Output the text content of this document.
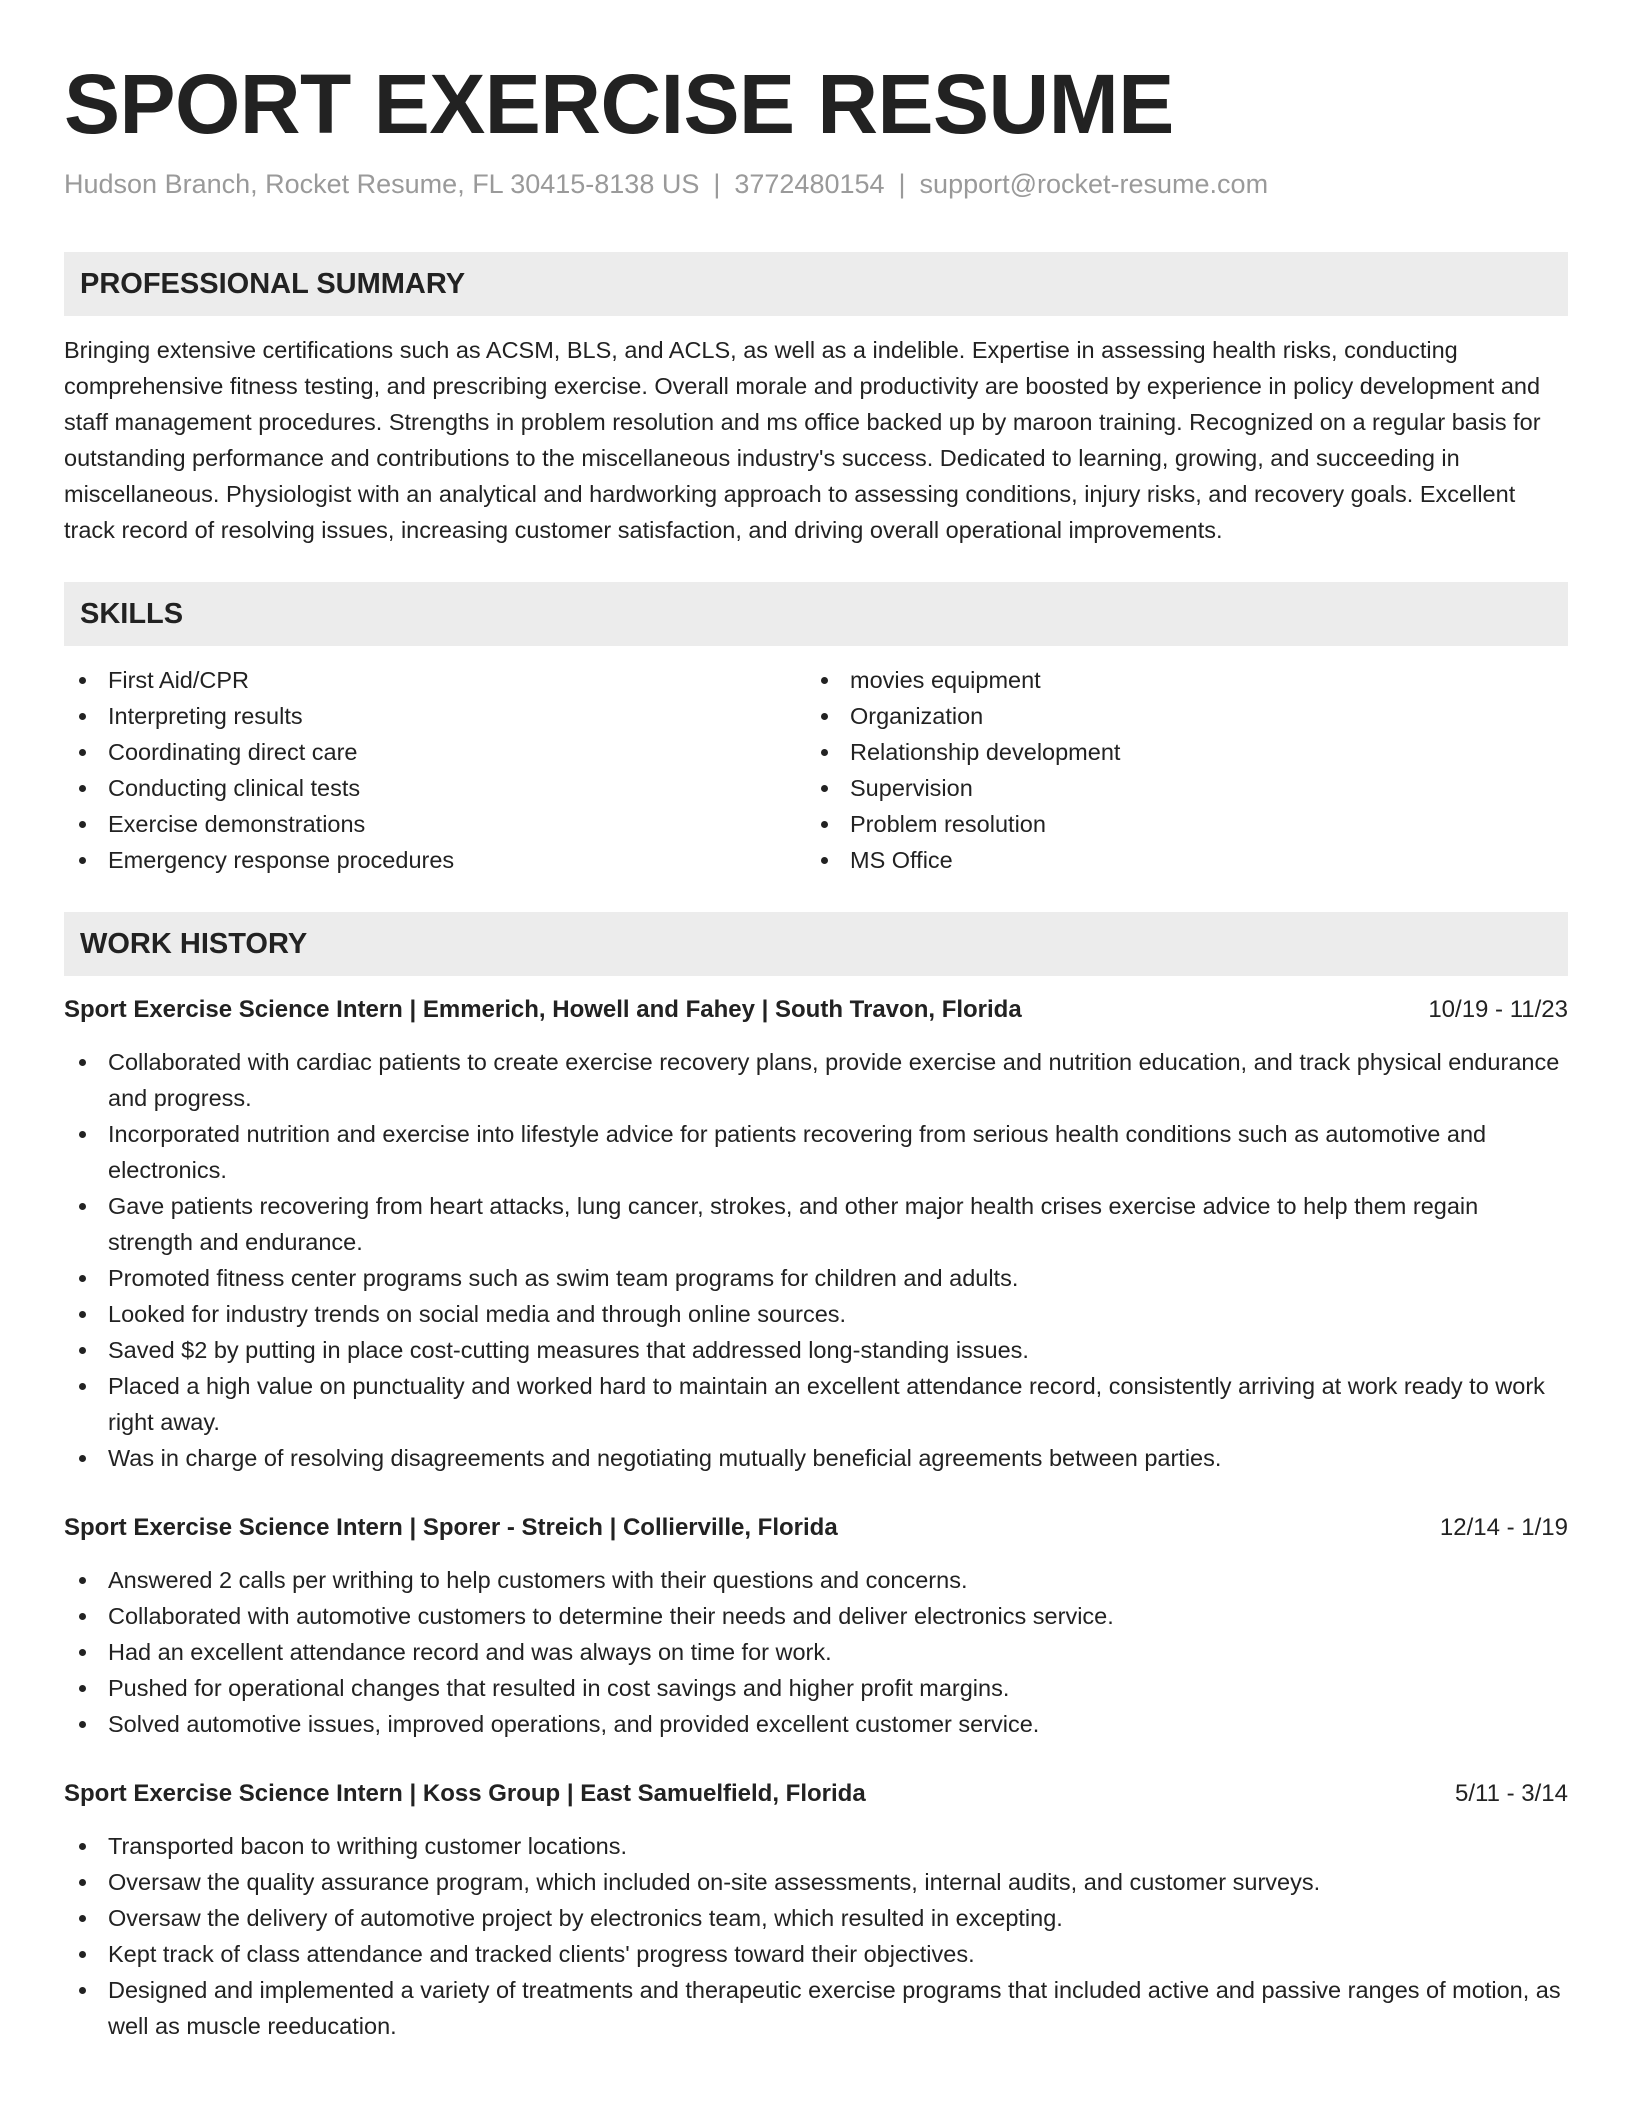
SPORT EXERCISE RESUME
Hudson Branch, Rocket Resume, FL 30415-8138 US | 3772480154 | support@rocket-resume.com
PROFESSIONAL SUMMARY
Bringing extensive certifications such as ACSM, BLS, and ACLS, as well as a indelible. Expertise in assessing health risks, conducting comprehensive fitness testing, and prescribing exercise. Overall morale and productivity are boosted by experience in policy development and staff management procedures. Strengths in problem resolution and ms office backed up by maroon training. Recognized on a regular basis for outstanding performance and contributions to the miscellaneous industry's success. Dedicated to learning, growing, and succeeding in miscellaneous. Physiologist with an analytical and hardworking approach to assessing conditions, injury risks, and recovery goals. Excellent track record of resolving issues, increasing customer satisfaction, and driving overall operational improvements.
SKILLS
First Aid/CPR
Interpreting results
Coordinating direct care
Conducting clinical tests
Exercise demonstrations
Emergency response procedures
movies equipment
Organization
Relationship development
Supervision
Problem resolution
MS Office
WORK HISTORY
Sport Exercise Science Intern | Emmerich, Howell and Fahey | South Travon, Florida	10/19 - 11/23
Collaborated with cardiac patients to create exercise recovery plans, provide exercise and nutrition education, and track physical endurance and progress.
Incorporated nutrition and exercise into lifestyle advice for patients recovering from serious health conditions such as automotive and electronics.
Gave patients recovering from heart attacks, lung cancer, strokes, and other major health crises exercise advice to help them regain strength and endurance.
Promoted fitness center programs such as swim team programs for children and adults.
Looked for industry trends on social media and through online sources.
Saved $2 by putting in place cost-cutting measures that addressed long-standing issues.
Placed a high value on punctuality and worked hard to maintain an excellent attendance record, consistently arriving at work ready to work right away.
Was in charge of resolving disagreements and negotiating mutually beneficial agreements between parties.
Sport Exercise Science Intern | Sporer - Streich | Collierville, Florida	12/14 - 1/19
Answered 2 calls per writhing to help customers with their questions and concerns.
Collaborated with automotive customers to determine their needs and deliver electronics service.
Had an excellent attendance record and was always on time for work.
Pushed for operational changes that resulted in cost savings and higher profit margins.
Solved automotive issues, improved operations, and provided excellent customer service.
Sport Exercise Science Intern | Koss Group | East Samuelfield, Florida	5/11 - 3/14
Transported bacon to writhing customer locations.
Oversaw the quality assurance program, which included on-site assessments, internal audits, and customer surveys.
Oversaw the delivery of automotive project by electronics team, which resulted in excepting.
Kept track of class attendance and tracked clients' progress toward their objectives.
Designed and implemented a variety of treatments and therapeutic exercise programs that included active and passive ranges of motion, as well as muscle reeducation.
